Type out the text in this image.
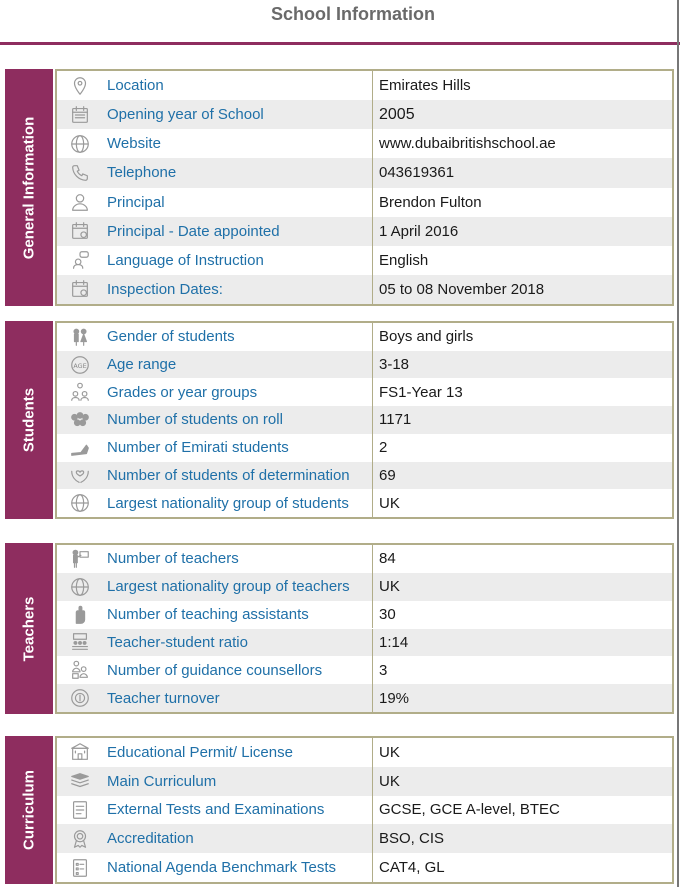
School Information
General Information
Location	Emirates Hills
Opening year of School	2005
Website	www.dubaibritishschool.ae
Telephone	043619361
Principal	Brendon Fulton
Principal - Date appointed	1 April 2016
Language of Instruction	English
Inspection Dates:	05 to 08 November 2018
Students
Gender of students	Boys and girls
AGE Age range	3-18
Grades or year groups	FS1-Year 13
Number of students on roll	1171
Number of Emirati students	2
Number of students of determination	69
Largest nationality group of students	UK
Teachers
Number of teachers	84
Largest nationality group of teachers	UK
Number of teaching assistants	30
Teacher-student ratio	1:14
Number of guidance counsellors	3
Teacher turnover	19%
Curriculum
Educational Permit/ License	UK
Main Curriculum	UK
External Tests and Examinations	GCSE, GCE A-level, BTEC
Accreditation	BSO, CIS
National Agenda Benchmark Tests	CAT4, GL
